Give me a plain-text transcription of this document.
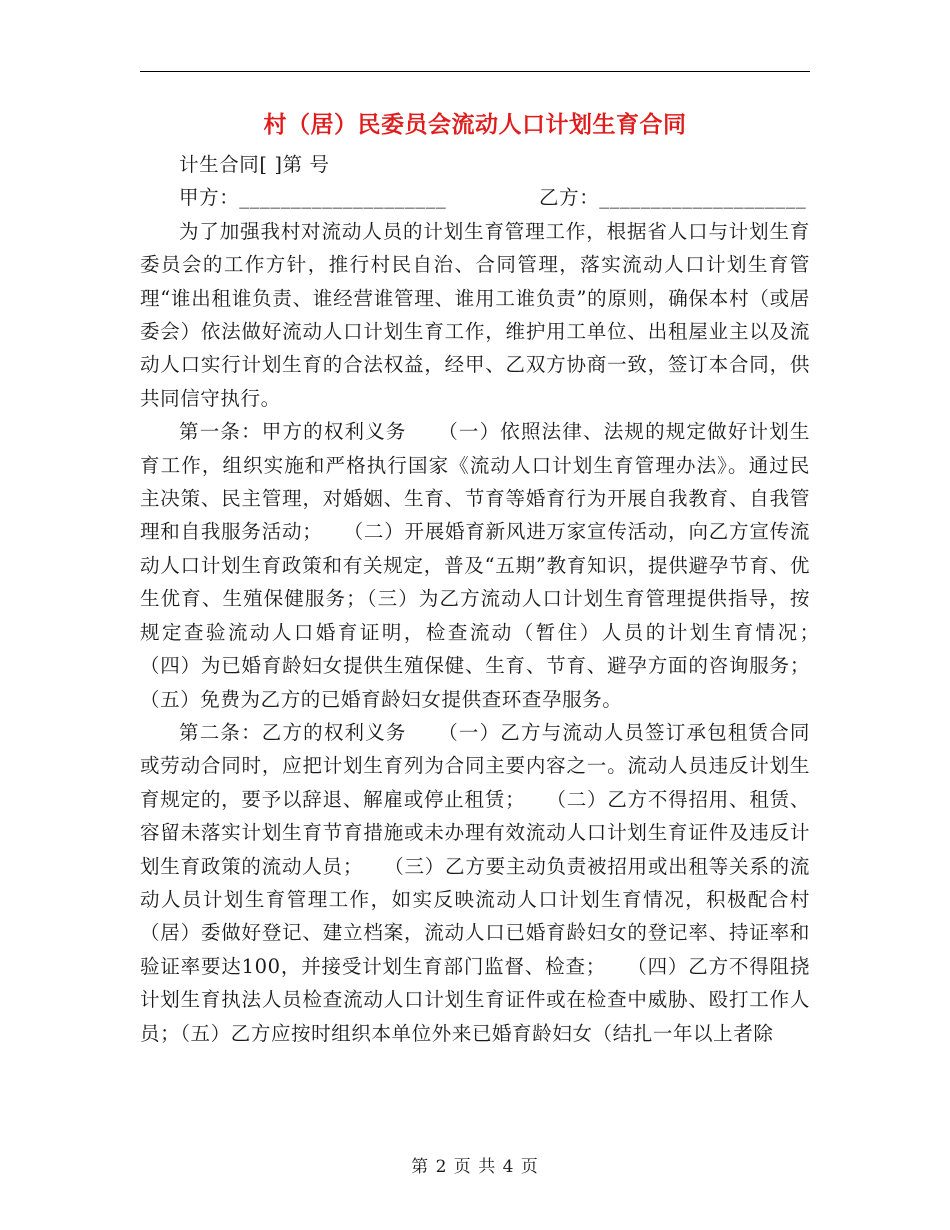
村（居）民委员会流动人口计划生育合同

计生合同[ ]第 号

甲方：____________________	乙方：____________________

为了加强我村对流动人员的计划生育管理工作，根据省人口与计划生育委员会的工作方针，推行村民自治、合同管理，落实流动人口计划生育管理“谁出租谁负责、谁经营谁管理、谁用工谁负责”的原则，确保本村（或居委会）依法做好流动人口计划生育工作，维护用工单位、出租屋业主以及流动人口实行计划生育的合法权益，经甲、乙双方协商一致，签订本合同，供共同信守执行。

第一条：甲方的权利义务　　（一）依照法律、法规的规定做好计划生育工作，组织实施和严格执行国家《流动人口计划生育管理办法》。通过民主决策、民主管理，对婚姻、生育、节育等婚育行为开展自我教育、自我管理和自我服务活动；　　（二）开展婚育新风进万家宣传活动，向乙方宣传流动人口计划生育政策和有关规定，普及“五期”教育知识，提供避孕节育、优生优育、生殖保健服务；（三）为乙方流动人口计划生育管理提供指导，按规定查验流动人口婚育证明，检查流动（暂住）人员的计划生育情况；　　（四）为已婚育龄妇女提供生殖保健、生育、节育、避孕方面的咨询服务；（五）免费为乙方的已婚育龄妇女提供查环查孕服务。

第二条：乙方的权利义务　　（一）乙方与流动人员签订承包租赁合同或劳动合同时，应把计划生育列为合同主要内容之一。流动人员违反计划生育规定的，要予以辞退、解雇或停止租赁；　　（二）乙方不得招用、租赁、容留未落实计划生育节育措施或未办理有效流动人口计划生育证件及违反计划生育政策的流动人员；　　（三）乙方要主动负责被招用或出租等关系的流动人员计划生育管理工作，如实反映流动人口计划生育情况，积极配合村（居）委做好登记、建立档案，流动人口已婚育龄妇女的登记率、持证率和验证率要达100，并接受计划生育部门监督、检查；　　（四）乙方不得阻挠计划生育执法人员检查流动人口计划生育证件或在检查中威胁、殴打工作人员；（五）乙方应按时组织本单位外来已婚育龄妇女（结扎一年以上者除

第 2 页 共 4 页
